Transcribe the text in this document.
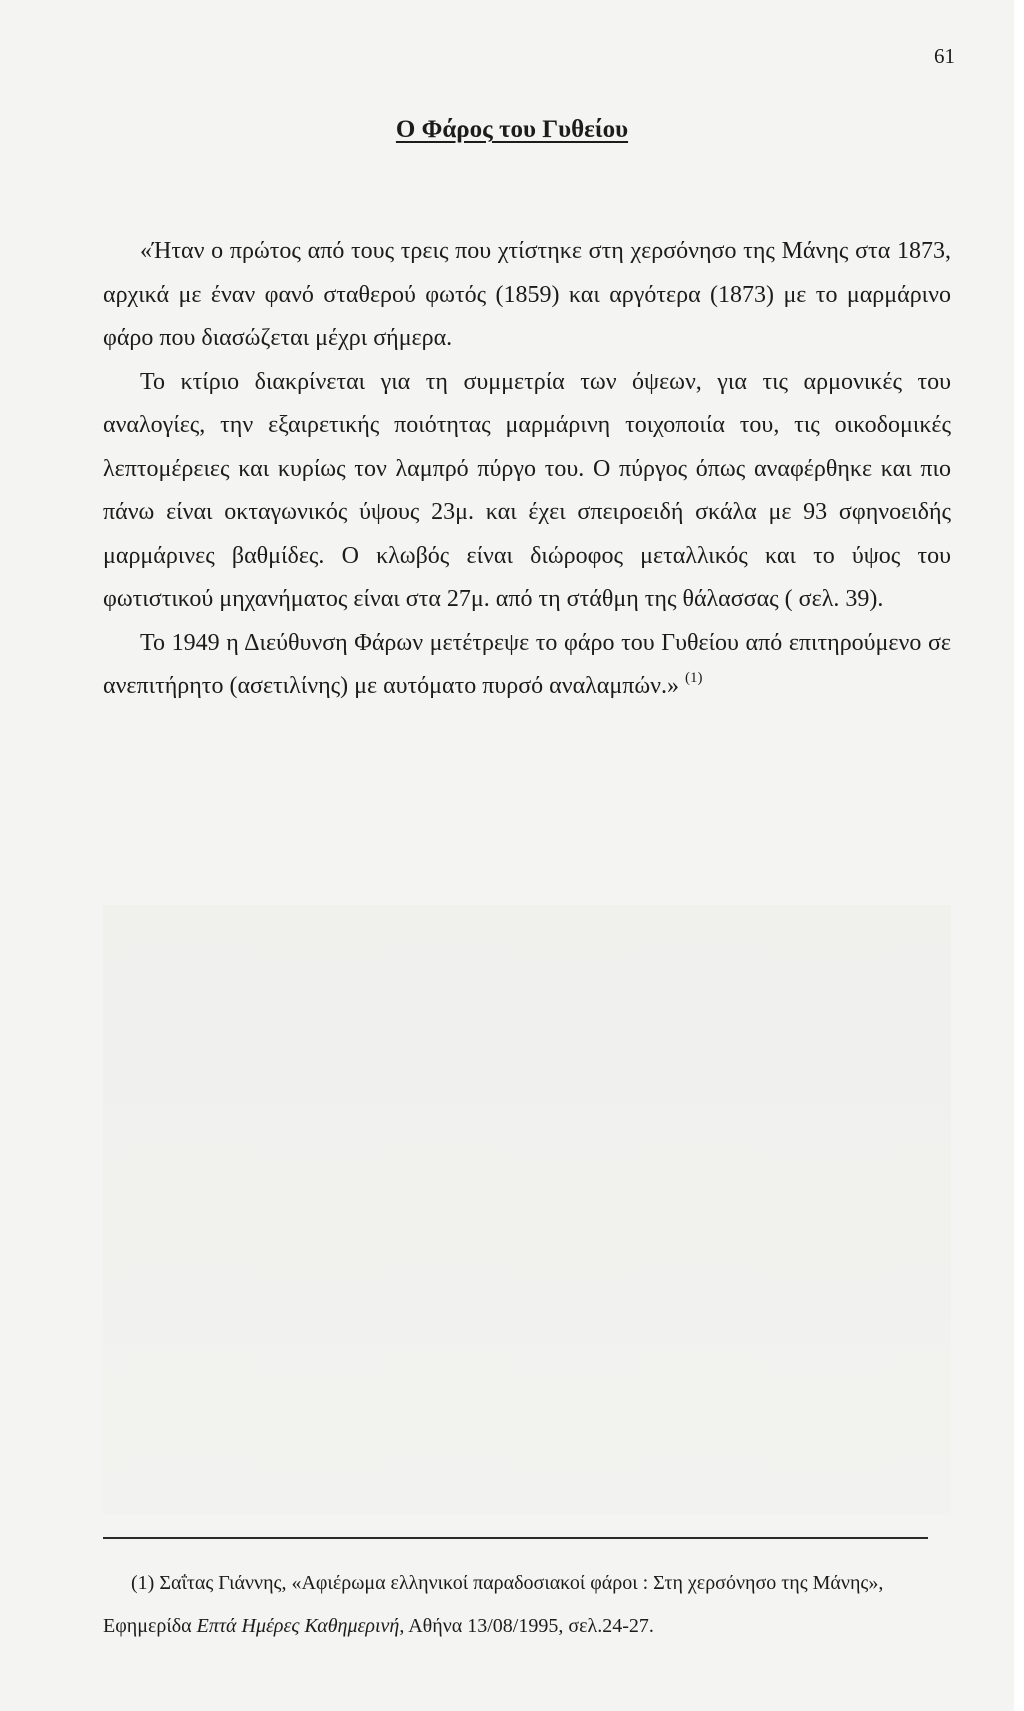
61
Ο Φάρος του Γυθείου

«Ήταν ο πρώτος από τους τρεις που χτίστηκε στη χερσόνησο της Μάνης στα 1873, αρχικά με έναν φανό σταθερού φωτός (1859) και αργότερα (1873) με το μαρμάρινο φάρο που διασώζεται μέχρι σήμερα.

Το κτίριο διακρίνεται για τη συμμετρία των όψεων, για τις αρμονικές του αναλογίες, την εξαιρετικής ποιότητας μαρμάρινη τοιχοποιία του, τις οικοδομικές λεπτομέρειες και κυρίως τον λαμπρό πύργο του. Ο πύργος όπως αναφέρθηκε και πιο πάνω είναι οκταγωνικός ύψους 23μ. και έχει σπειροειδή σκάλα με 93 σφηνοειδής μαρμάρινες βαθμίδες. Ο κλωβός είναι διώροφος μεταλλικός και το ύψος του φωτιστικού μηχανήματος είναι στα 27μ. από τη στάθμη της θάλασσας ( σελ. 39).

Το 1949 η Διεύθυνση Φάρων μετέτρεψε το φάρο του Γυθείου από επιτηρούμενο σε ανεπιτήρητο (ασετιλίνης) με αυτόματο πυρσό αναλαμπών.» $^{(1)}$

(1) Σαΐτας Γιάννης, «Αφιέρωμα ελληνικοί παραδοσιακοί φάροι : Στη χερσόνησο της Μάνης», Εφημερίδα Επτά Ημέρες Καθημερινή, Αθήνα 13/08/1995, σελ.24-27.
